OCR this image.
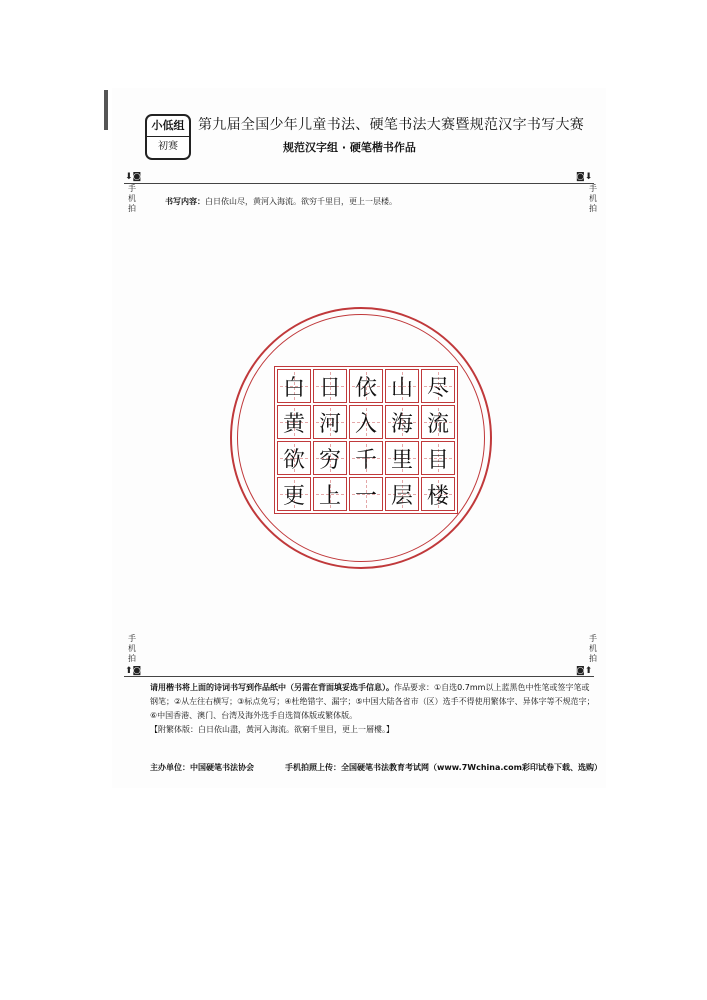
小低组
初赛
第九届全国少年儿童书法、硬笔书法大赛暨规范汉字书写大赛
规范汉字组 · 硬笔楷书作品
⬇◙	◙⬇
手机拍
手机拍
书写内容：白日依山尽，黄河入海流。欲穷千里目，更上一层楼。
白 日 依 山 尽
黄 河 入 海 流
欲 穷 千 里 目
更 上 一 层 楼
手机拍
手机拍
⬆◙	◙⬆
请用楷书将上面的诗词书写到作品纸中（另需在背面填妥选手信息）。作品要求：①自选0.7mm以上蓝黑色中性笔或签字笔或钢笔；②从左往右横写；③标点免写；④杜绝错字、漏字；⑤中国大陆各省市（区）选手不得使用繁体字、异体字等不规范字；⑥中国香港、澳门、台湾及海外选手自选简体版或繁体版。
【附繁体版：白日依山盡，黃河入海流。欲窮千里目，更上一層樓。】
主办单位：中国硬笔书法协会	手机拍照上传：全国硬笔书法教育考试网（www.7Wchina.com彩印试卷下载、选购）
